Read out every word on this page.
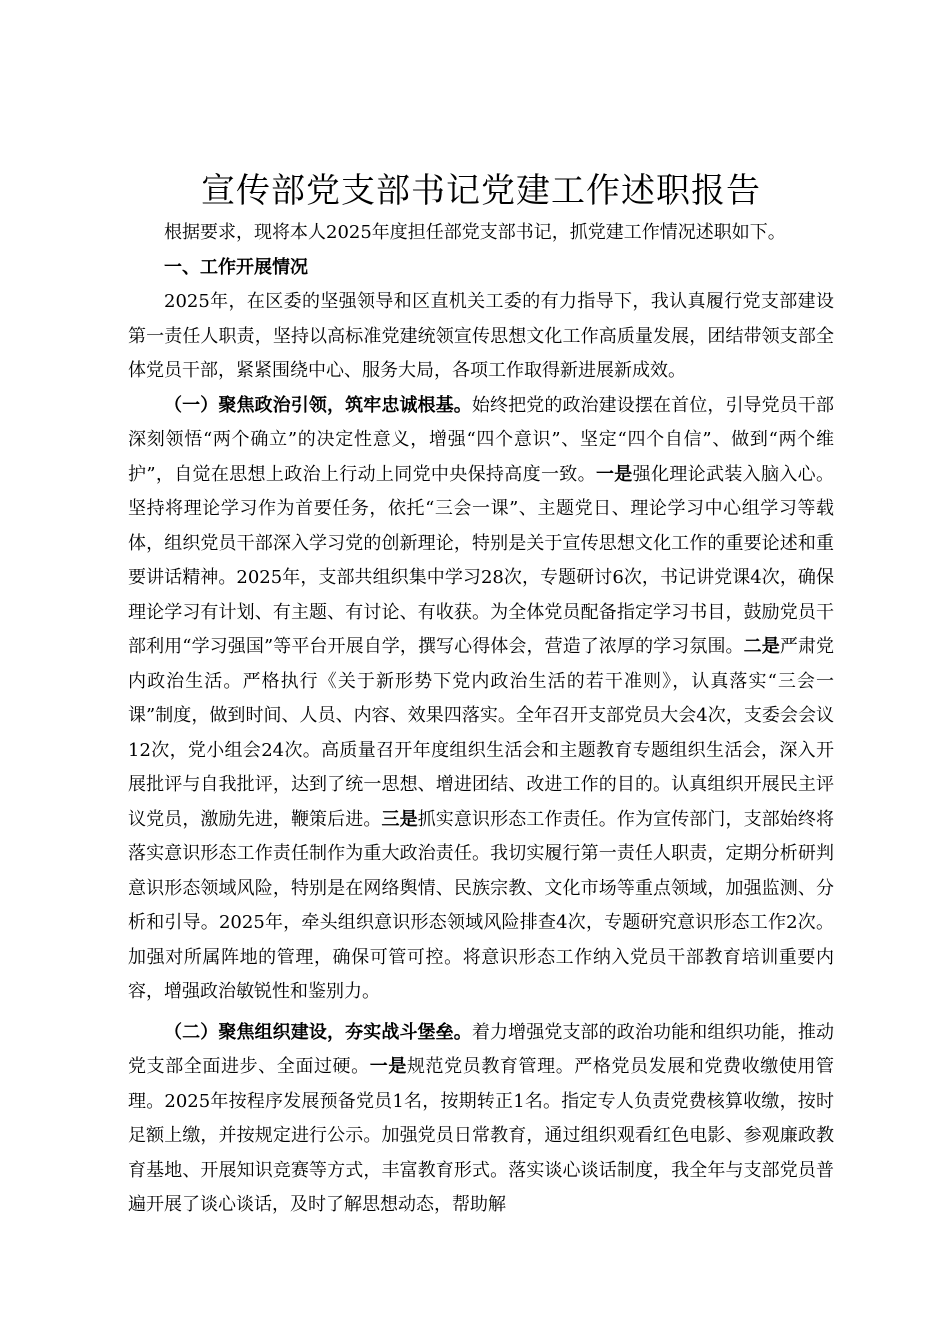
宣传部党支部书记党建工作述职报告

根据要求，现将本人2025年度担任部党支部书记，抓党建工作情况述职如下。

一、工作开展情况

2025年，在区委的坚强领导和区直机关工委的有力指导下，我认真履行党支部建设第一责任人职责，坚持以高标准党建统领宣传思想文化工作高质量发展，团结带领支部全体党员干部，紧紧围绕中心、服务大局，各项工作取得新进展新成效。

（一）聚焦政治引领，筑牢忠诚根基。始终把党的政治建设摆在首位，引导党员干部深刻领悟“两个确立”的决定性意义，增强“四个意识”、坚定“四个自信”、做到“两个维护”，自觉在思想上政治上行动上同党中央保持高度一致。一是强化理论武装入脑入心。坚持将理论学习作为首要任务，依托“三会一课”、主题党日、理论学习中心组学习等载体，组织党员干部深入学习党的创新理论，特别是关于宣传思想文化工作的重要论述和重要讲话精神。2025年，支部共组织集中学习28次，专题研讨6次，书记讲党课4次，确保理论学习有计划、有主题、有讨论、有收获。为全体党员配备指定学习书目，鼓励党员干部利用“学习强国”等平台开展自学，撰写心得体会，营造了浓厚的学习氛围。二是严肃党内政治生活。严格执行《关于新形势下党内政治生活的若干准则》，认真落实“三会一课”制度，做到时间、人员、内容、效果四落实。全年召开支部党员大会4次，支委会会议12次，党小组会24次。高质量召开年度组织生活会和主题教育专题组织生活会，深入开展批评与自我批评，达到了统一思想、增进团结、改进工作的目的。认真组织开展民主评议党员，激励先进，鞭策后进。三是抓实意识形态工作责任。作为宣传部门，支部始终将落实意识形态工作责任制作为重大政治责任。我切实履行第一责任人职责，定期分析研判意识形态领域风险，特别是在网络舆情、民族宗教、文化市场等重点领域，加强监测、分析和引导。2025年，牵头组织意识形态领域风险排查4次，专题研究意识形态工作2次。加强对所属阵地的管理，确保可管可控。将意识形态工作纳入党员干部教育培训重要内容，增强政治敏锐性和鉴别力。

（二）聚焦组织建设，夯实战斗堡垒。着力增强党支部的政治功能和组织功能，推动党支部全面进步、全面过硬。一是规范党员教育管理。严格党员发展和党费收缴使用管理。2025年按程序发展预备党员1名，按期转正1名。指定专人负责党费核算收缴，按时足额上缴，并按规定进行公示。加强党员日常教育，通过组织观看红色电影、参观廉政教育基地、开展知识竞赛等方式，丰富教育形式。落实谈心谈话制度，我全年与支部党员普遍开展了谈心谈话，及时了解思想动态，帮助解
